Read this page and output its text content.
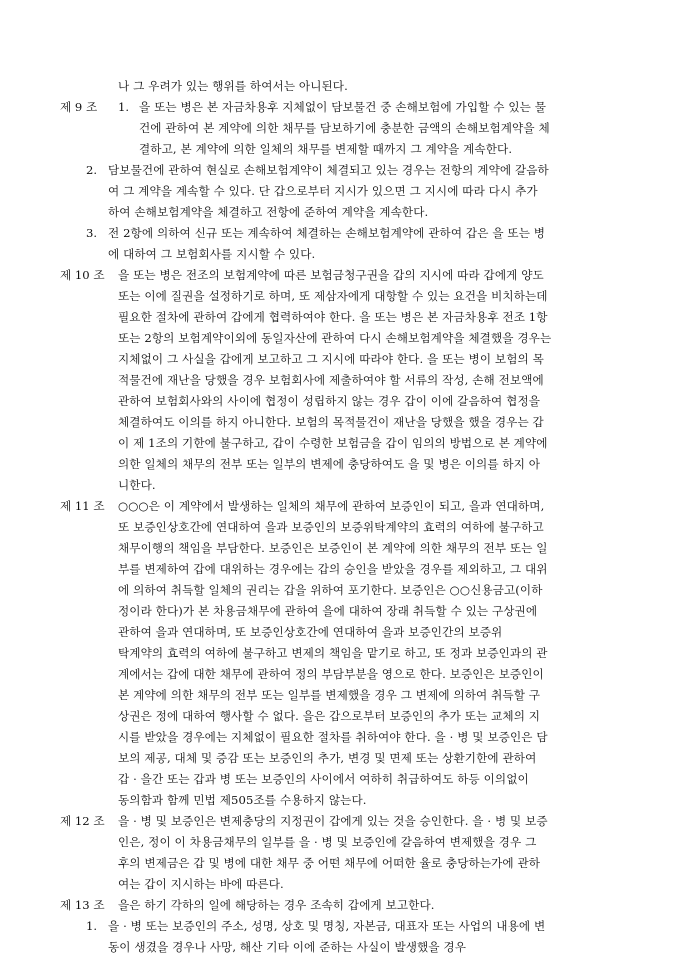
나 그 우려가 있는 행위를 하여서는 아니된다.
제 9 조 1. 을 또는 병은 본 자금차용후 지체없이 담보물건 중 손해보험에 가입할 수 있는 물
건에 관하여 본 계약에 의한 채무를 담보하기에 충분한 금액의 손해보험계약을 체
결하고, 본 계약에 의한 일체의 채무를 변제할 때까지 그 계약을 계속한다.
2. 담보물건에 관하여 현실로 손해보험계약이 체결되고 있는 경우는 전항의 계약에 갈음하
여 그 계약을 계속할 수 있다. 단 갑으로부터 지시가 있으면 그 지시에 따라 다시 추가
하여 손해보험계약을 체결하고 전항에 준하여 계약을 계속한다.
3. 전 2항에 의하여 신규 또는 계속하여 체결하는 손해보험계약에 관하여 갑은 을 또는 병
에 대하여 그 보험회사를 지시할 수 있다.
제 10 조 을 또는 병은 전조의 보험계약에 따른 보험금청구권을 갑의 지시에 따라 갑에게 양도
또는 이에 질권을 설정하기로 하며, 또 제삼자에게 대항할 수 있는 요건을 비치하는데
필요한 절차에 관하여 갑에게 협력하여야 한다. 을 또는 병은 본 자금차용후 전조 1항
또는 2항의 보험계약이외에 동일자산에 관하여 다시 손해보험계약을 체결했을 경우는
지체없이 그 사실을 갑에게 보고하고 그 지시에 따라야 한다. 을 또는 병이 보험의 목
적물건에 재난을 당했을 경우 보험회사에 제출하여야 할 서류의 작성, 손해 전보액에
관하여 보험회사와의 사이에 협정이 성립하지 않는 경우 갑이 이에 갈음하여 협정을
체결하여도 이의를 하지 아니한다. 보험의 목적물건이 재난을 당했을 했을 경우는 갑
이 제 1조의 기한에 불구하고, 갑이 수령한 보험금을 갑이 임의의 방법으로 본 계약에
의한 일체의 채무의 전부 또는 일부의 변제에 충당하여도 을 및 병은 이의를 하지 아
니한다.
제 11 조 ○○○은 이 계약에서 발생하는 일체의 채무에 관하여 보증인이 되고, 을과 연대하며,
또 보증인상호간에 연대하여 을과 보증인의 보증위탁계약의 효력의 여하에 불구하고
채무이행의 책임을 부담한다. 보증인은 보증인이 본 계약에 의한 채무의 전부 또는 일
부를 변제하여 갑에 대위하는 경우에는 갑의 승인을 받았을 경우를 제외하고, 그 대위
에 의하여 취득할 일체의 권리는 갑을 위하여 포기한다. 보증인은 ○○신용금고(이하
정이라 한다)가 본 차용금채무에 관하여 을에 대하여 장래 취득할 수 있는 구상권에
관하여 을과 연대하며, 또 보증인상호간에 연대하여 을과 보증인간의 보증위
탁계약의 효력의 여하에 불구하고 변제의 책임을 맡기로 하고, 또 정과 보증인과의 관
계에서는 갑에 대한 채무에 관하여 정의 부담부분을 영으로 한다. 보증인은 보증인이
본 계약에 의한 채무의 전부 또는 일부를 변제했을 경우 그 변제에 의하여 취득할 구
상권은 정에 대하여 행사할 수 없다. 을은 갑으로부터 보증인의 추가 또는 교체의 지
시를 받았을 경우에는 지체없이 필요한 절차를 취하여야 한다. 을 · 병 및 보증인은 담
보의 제공, 대체 및 증감 또는 보증인의 추가, 변경 및 면제 또는 상환기한에 관하여
갑 · 을간 또는 갑과 병 또는 보증인의 사이에서 여하히 취급하여도 하등 이의없이
동의함과 함께 민법 제505조를 수용하지 않는다.
제 12 조 을 · 병 및 보증인은 변제충당의 지정권이 갑에게 있는 것을 승인한다. 을 · 병 및 보증
인은, 정이 이 차용금채무의 일부를 을 · 병 및 보증인에 갈음하여 변제했을 경우 그
후의 변제금은 갑 및 병에 대한 채무 중 어떤 채무에 어떠한 율로 충당하는가에 관하
여는 갑이 지시하는 바에 따른다.
제 13 조 을은 하기 각하의 일에 해당하는 경우 조속히 갑에게 보고한다.
1. 을 · 병 또는 보증인의 주소, 성명, 상호 및 명칭, 자본금, 대표자 또는 사업의 내용에 변
동이 생겼을 경우나 사망, 해산 기타 이에 준하는 사실이 발생했을 경우
